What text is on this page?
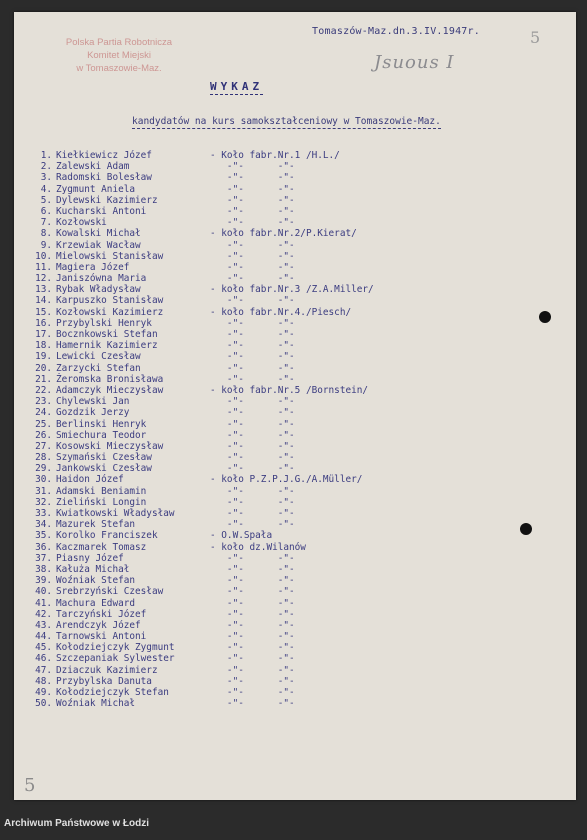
Polska Partia Robotnicza
Komitet Miejski
w Tomaszowie-Maz.
Tomaszów-Maz.dn.3.IV.1947r.
Jsuous I
5
WYKAZ
kandydatów na kurs samokształceniowy w Tomaszowie-Maz.
1. Kiełkiewicz Józef	- Koło fabr.Nr.1 /H.L./
2. Zalewski Adam	-"-      -"-
3. Radomski Bolesław	-"-      -"-
4. Zygmunt Aniela	-"-      -"-
5. Dylewski Kazimierz	-"-      -"-
6. Kucharski Antoni	-"-      -"-
7. Kozłowski	-"-      -"-
8. Kowalski Michał	- koło fabr.Nr.2/P.Kierat/
9. Krzewiak Wacław	-"-      -"-
10. Mielowski Stanisław	-"-      -"-
11. Magiera Józef	-"-      -"-
12. Janiszówna Maria	-"-      -"-
13. Rybak Władysław	- koło fabr.Nr.3 /Z.A.Miller/
14. Karpuszko Stanisław	-"-      -"-
15. Kozłowski Kazimierz	- koło fabr.Nr.4./Piesch/
16. Przybylski Henryk	-"-      -"-
17. Bocznkowski Stefan	-"-      -"-
18. Hamernik Kazimierz	-"-      -"-
19. Lewicki Czesław	-"-      -"-
20. Zarzycki Stefan	-"-      -"-
21. Żeromska Bronisława	-"-      -"-
22. Adamczyk Mieczysław	- koło fabr.Nr.5 /Bornstein/
23. Chylewski Jan	-"-      -"-
24. Gozdzik Jerzy	-"-      -"-
25. Berlinski Henryk	-"-      -"-
26. Smiechura Teodor	-"-      -"-
27. Kosowski Mieczysław	-"-      -"-
28. Szymański Czesław	-"-      -"-
29. Jankowski Czesław	-"-      -"-
30. Haidon Józef	- koło P.Z.P.J.G./A.Müller/
31. Adamski Beniamin	-"-      -"-
32. Zieliński Longin	-"-      -"-
33. Kwiatkowski Władysław	-"-      -"-
34. Mazurek Stefan	-"-      -"-
35. Korolko Franciszek	- O.W.Spała
36. Kaczmarek Tomasz	- koło dz.Wilanów
37. Piasny Józef	-"-      -"-
38. Kałuża Michał	-"-      -"-
39. Woźniak Stefan	-"-      -"-
40. Srebrzyński Czesław	-"-      -"-
41. Machura Edward	-"-      -"-
42. Tarczyński Józef	-"-      -"-
43. Arendczyk Józef	-"-      -"-
44. Tarnowski Antoni	-"-      -"-
45. Kołodziejczyk Zygmunt	-"-      -"-
46. Szczepaniak Sylwester	-"-      -"-
47. Dziaczuk Kazimierz	-"-      -"-
48. Przybylska Danuta	-"-      -"-
49. Kołodziejczyk Stefan	-"-      -"-
50. Woźniak Michał	-"-      -"-
5
Archiwum Państwowe w Łodzi
